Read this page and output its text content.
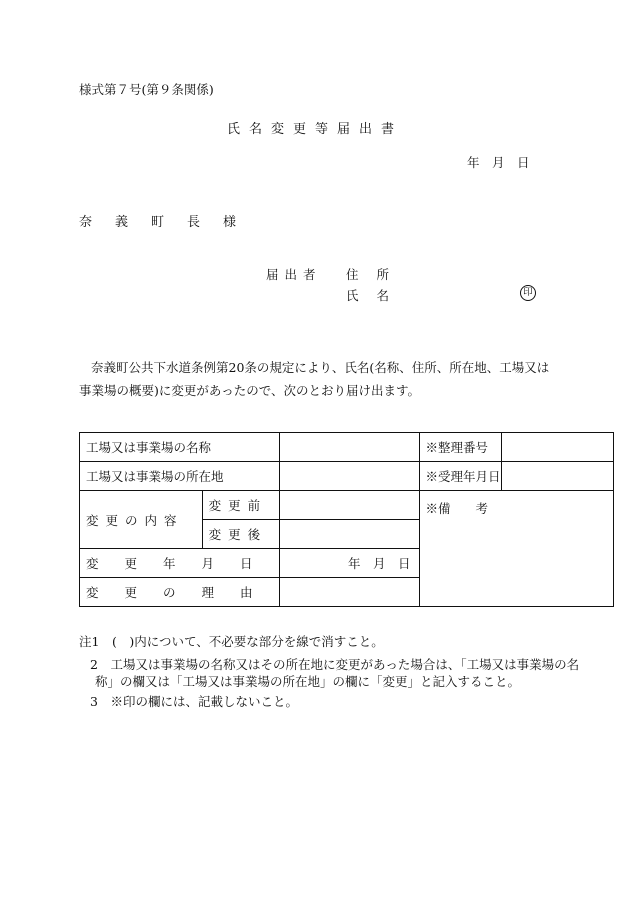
様式第７号(第９条関係)
氏名変更等届出書
年　月　日
奈義町長様
届出者 住所
氏名	印
奈義町公共下水道条例第20条の規定により、氏名(名称、住所、所在地、工場又は事業場の概要)に変更があったので、次のとおり届け出ます。
工場又は事業場の名称			※整理番号	
工場又は事業場の所在地			※受理年月日	
変更の内容	変更前		※備　　考	
	変更後			
変更年月日		年　月　日		
変更の理由				
注1　(　)内について、不必要な部分を線で消すこと。
2　工場又は事業場の名称又はその所在地に変更があった場合は、「工場又は事業場の名
称」の欄又は「工場又は事業場の所在地」の欄に「変更」と記入すること。
3　※印の欄には、記載しないこと。
